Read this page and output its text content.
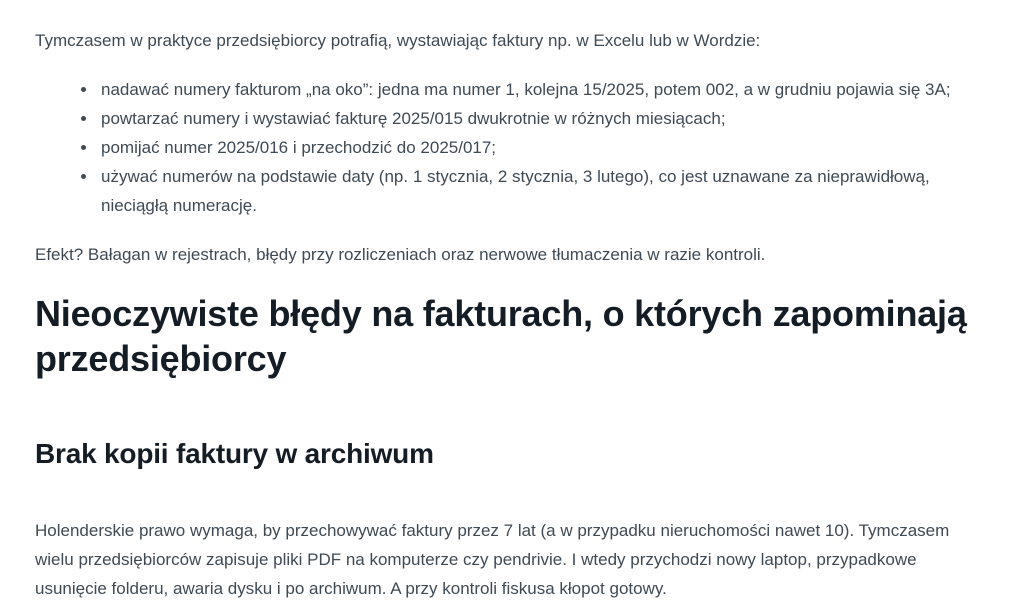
Tymczasem w praktyce przedsiębiorcy potrafią, wystawiając faktury np. w Excelu lub w Wordzie:

• nadawać numery fakturom „na oko”: jedna ma numer 1, kolejna 15/2025, potem 002, a w grudniu pojawia się 3A;
• powtarzać numery i wystawiać fakturę 2025/015 dwukrotnie w różnych miesiącach;
• pomijać numer 2025/016 i przechodzić do 2025/017;
• używać numerów na podstawie daty (np. 1 stycznia, 2 stycznia, 3 lutego), co jest uznawane za nieprawidłową, nieciągłą numerację.

Efekt? Bałagan w rejestrach, błędy przy rozliczeniach oraz nerwowe tłumaczenia w razie kontroli.

Nieoczywiste błędy na fakturach, o których zapominają przedsiębiorcy
Brak kopii faktury w archiwum

Holenderskie prawo wymaga, by przechowywać faktury przez 7 lat (a w przypadku nieruchomości nawet 10). Tymczasem wielu przedsiębiorców zapisuje pliki PDF na komputerze czy pendrivie. I wtedy przychodzi nowy laptop, przypadkowe usunięcie folderu, awaria dysku i po archiwum. A przy kontroli fiskusa kłopot gotowy.
